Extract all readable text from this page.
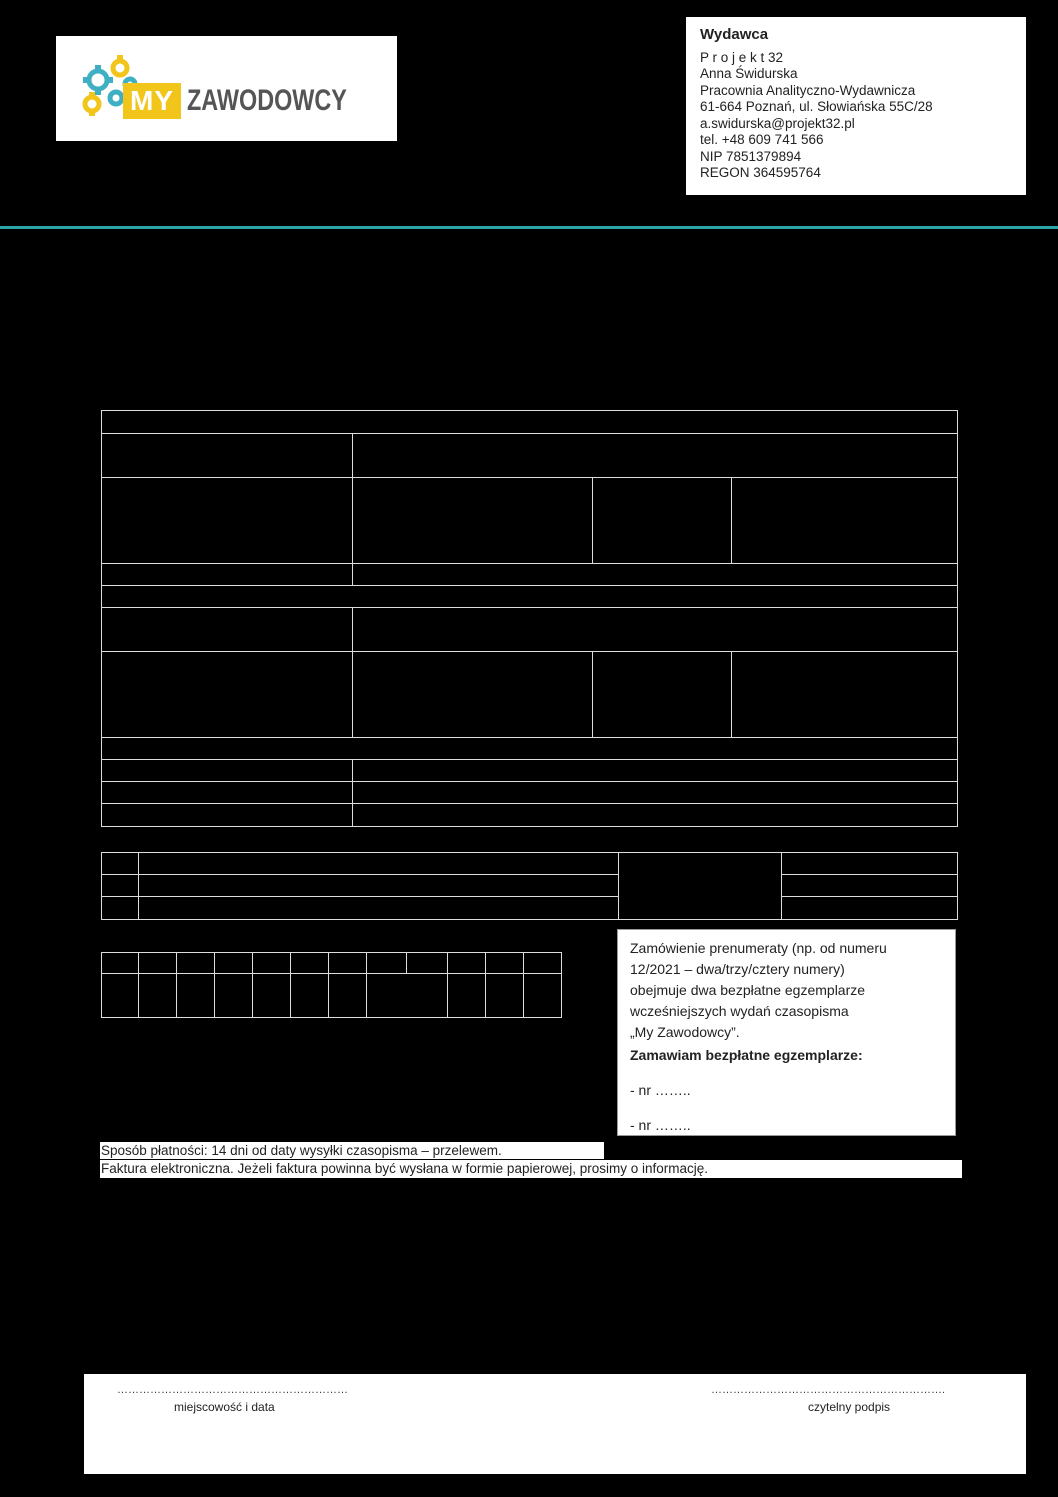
MY ZAWODOWCY
Wydawca
P r o j e k t 32
Anna Świdurska
Pracownia Analityczno-Wydawnicza
61-664 Poznań, ul. Słowiańska 55C/28
a.swidurska@projekt32.pl
tel. +48 609 741 566
NIP 7851379894
REGON 364595764
Zamówienie prenumeraty (np. od numeru
12/2021 – dwa/trzy/cztery numery)
obejmuje dwa bezpłatne egzemplarze
wcześniejszych wydań czasopisma
„My Zawodowcy”.
Zamawiam bezpłatne egzemplarze:
- nr ……..
- nr ……..
Sposób płatności: 14 dni od daty wysyłki czasopisma – przelewem.
Faktura elektroniczna. Jeżeli faktura powinna być wysłana w formie papierowej, prosimy o informację.
………………………………………………………	……………………………………………………….
miejscowość i data	czytelny podpis
